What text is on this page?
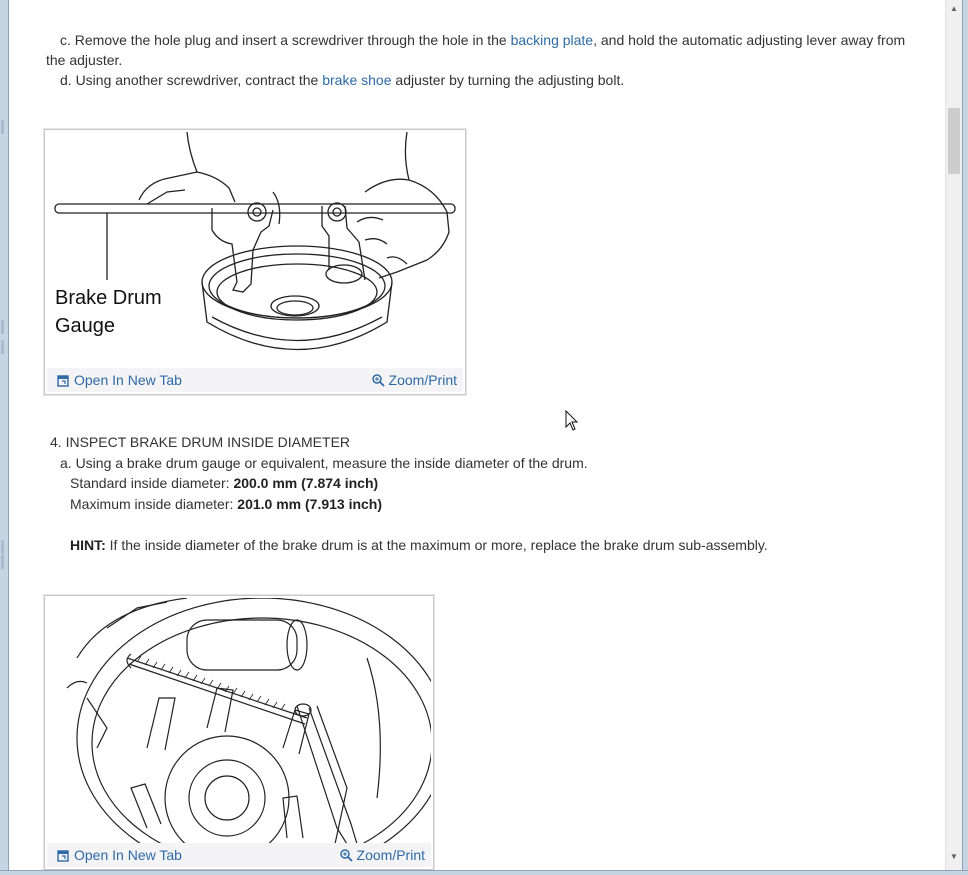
c. Remove the hole plug and insert a screwdriver through the hole in the backing plate, and hold the automatic adjusting lever away from
the adjuster.
d. Using another screwdriver, contract the brake shoe adjuster by turning the adjusting bolt.
Brake Drum
Gauge
Open In New Tab	Zoom/Print
4. INSPECT BRAKE DRUM INSIDE DIAMETER
a. Using a brake drum gauge or equivalent, measure the inside diameter of the drum.
Standard inside diameter: 200.0 mm (7.874 inch)
Maximum inside diameter: 201.0 mm (7.913 inch)
HINT: If the inside diameter of the brake drum is at the maximum or more, replace the brake drum sub-assembly.
Open In New Tab	Zoom/Print
▲
▼
